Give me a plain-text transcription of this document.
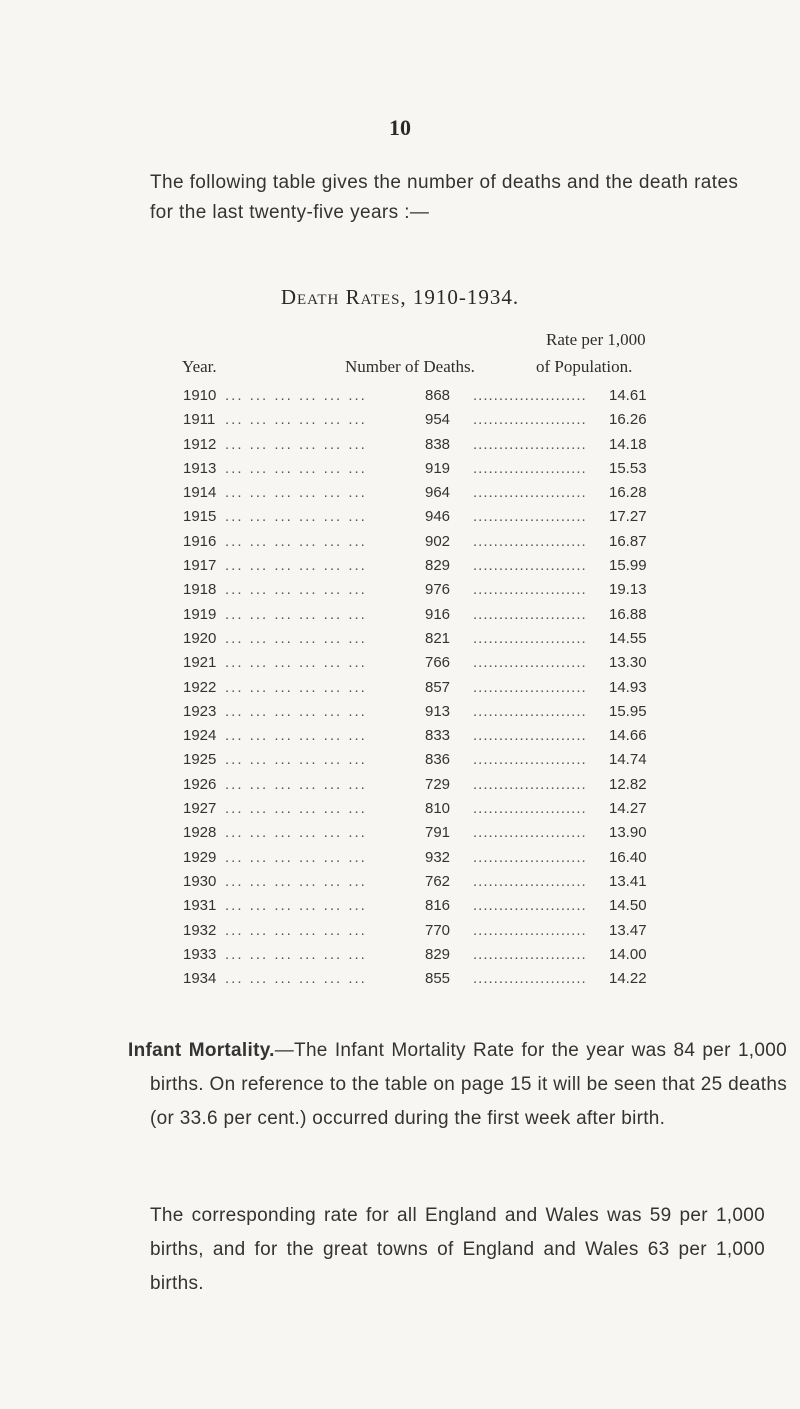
10
The following table gives the number of deaths and the death rates for the last twenty-five years :—
Death Rates, 1910-1934.
Rate per 1,000
Year.	Number of Deaths.	of Population.
1910 ... ... ... ... ... ...	868 ...................... 14.61
1911 ... ... ... ... ... ...	954 ...................... 16.26
1912 ... ... ... ... ... ...	838 ...................... 14.18
1913 ... ... ... ... ... ...	919 ...................... 15.53
1914 ... ... ... ... ... ...	964 ...................... 16.28
1915 ... ... ... ... ... ...	946 ...................... 17.27
1916 ... ... ... ... ... ...	902 ...................... 16.87
1917 ... ... ... ... ... ...	829 ...................... 15.99
1918 ... ... ... ... ... ...	976 ...................... 19.13
1919 ... ... ... ... ... ...	916 ...................... 16.88
1920 ... ... ... ... ... ...	821 ...................... 14.55
1921 ... ... ... ... ... ...	766 ...................... 13.30
1922 ... ... ... ... ... ...	857 ...................... 14.93
1923 ... ... ... ... ... ...	913 ...................... 15.95
1924 ... ... ... ... ... ...	833 ...................... 14.66
1925 ... ... ... ... ... ...	836 ...................... 14.74
1926 ... ... ... ... ... ...	729 ...................... 12.82
1927 ... ... ... ... ... ...	810 ...................... 14.27
1928 ... ... ... ... ... ...	791 ...................... 13.90
1929 ... ... ... ... ... ...	932 ...................... 16.40
1930 ... ... ... ... ... ...	762 ...................... 13.41
1931 ... ... ... ... ... ...	816 ...................... 14.50
1932 ... ... ... ... ... ...	770 ...................... 13.47
1933 ... ... ... ... ... ...	829 ...................... 14.00
1934 ... ... ... ... ... ...	855 ...................... 14.22
Infant Mortality.—The Infant Mortality Rate for the year was 84 per 1,000 births. On reference to the table on page 15 it will be seen that 25 deaths (or 33.6 per cent.) occurred during the first week after birth.
The corresponding rate for all England and Wales was 59 per 1,000 births, and for the great towns of England and Wales 63 per 1,000 births.
